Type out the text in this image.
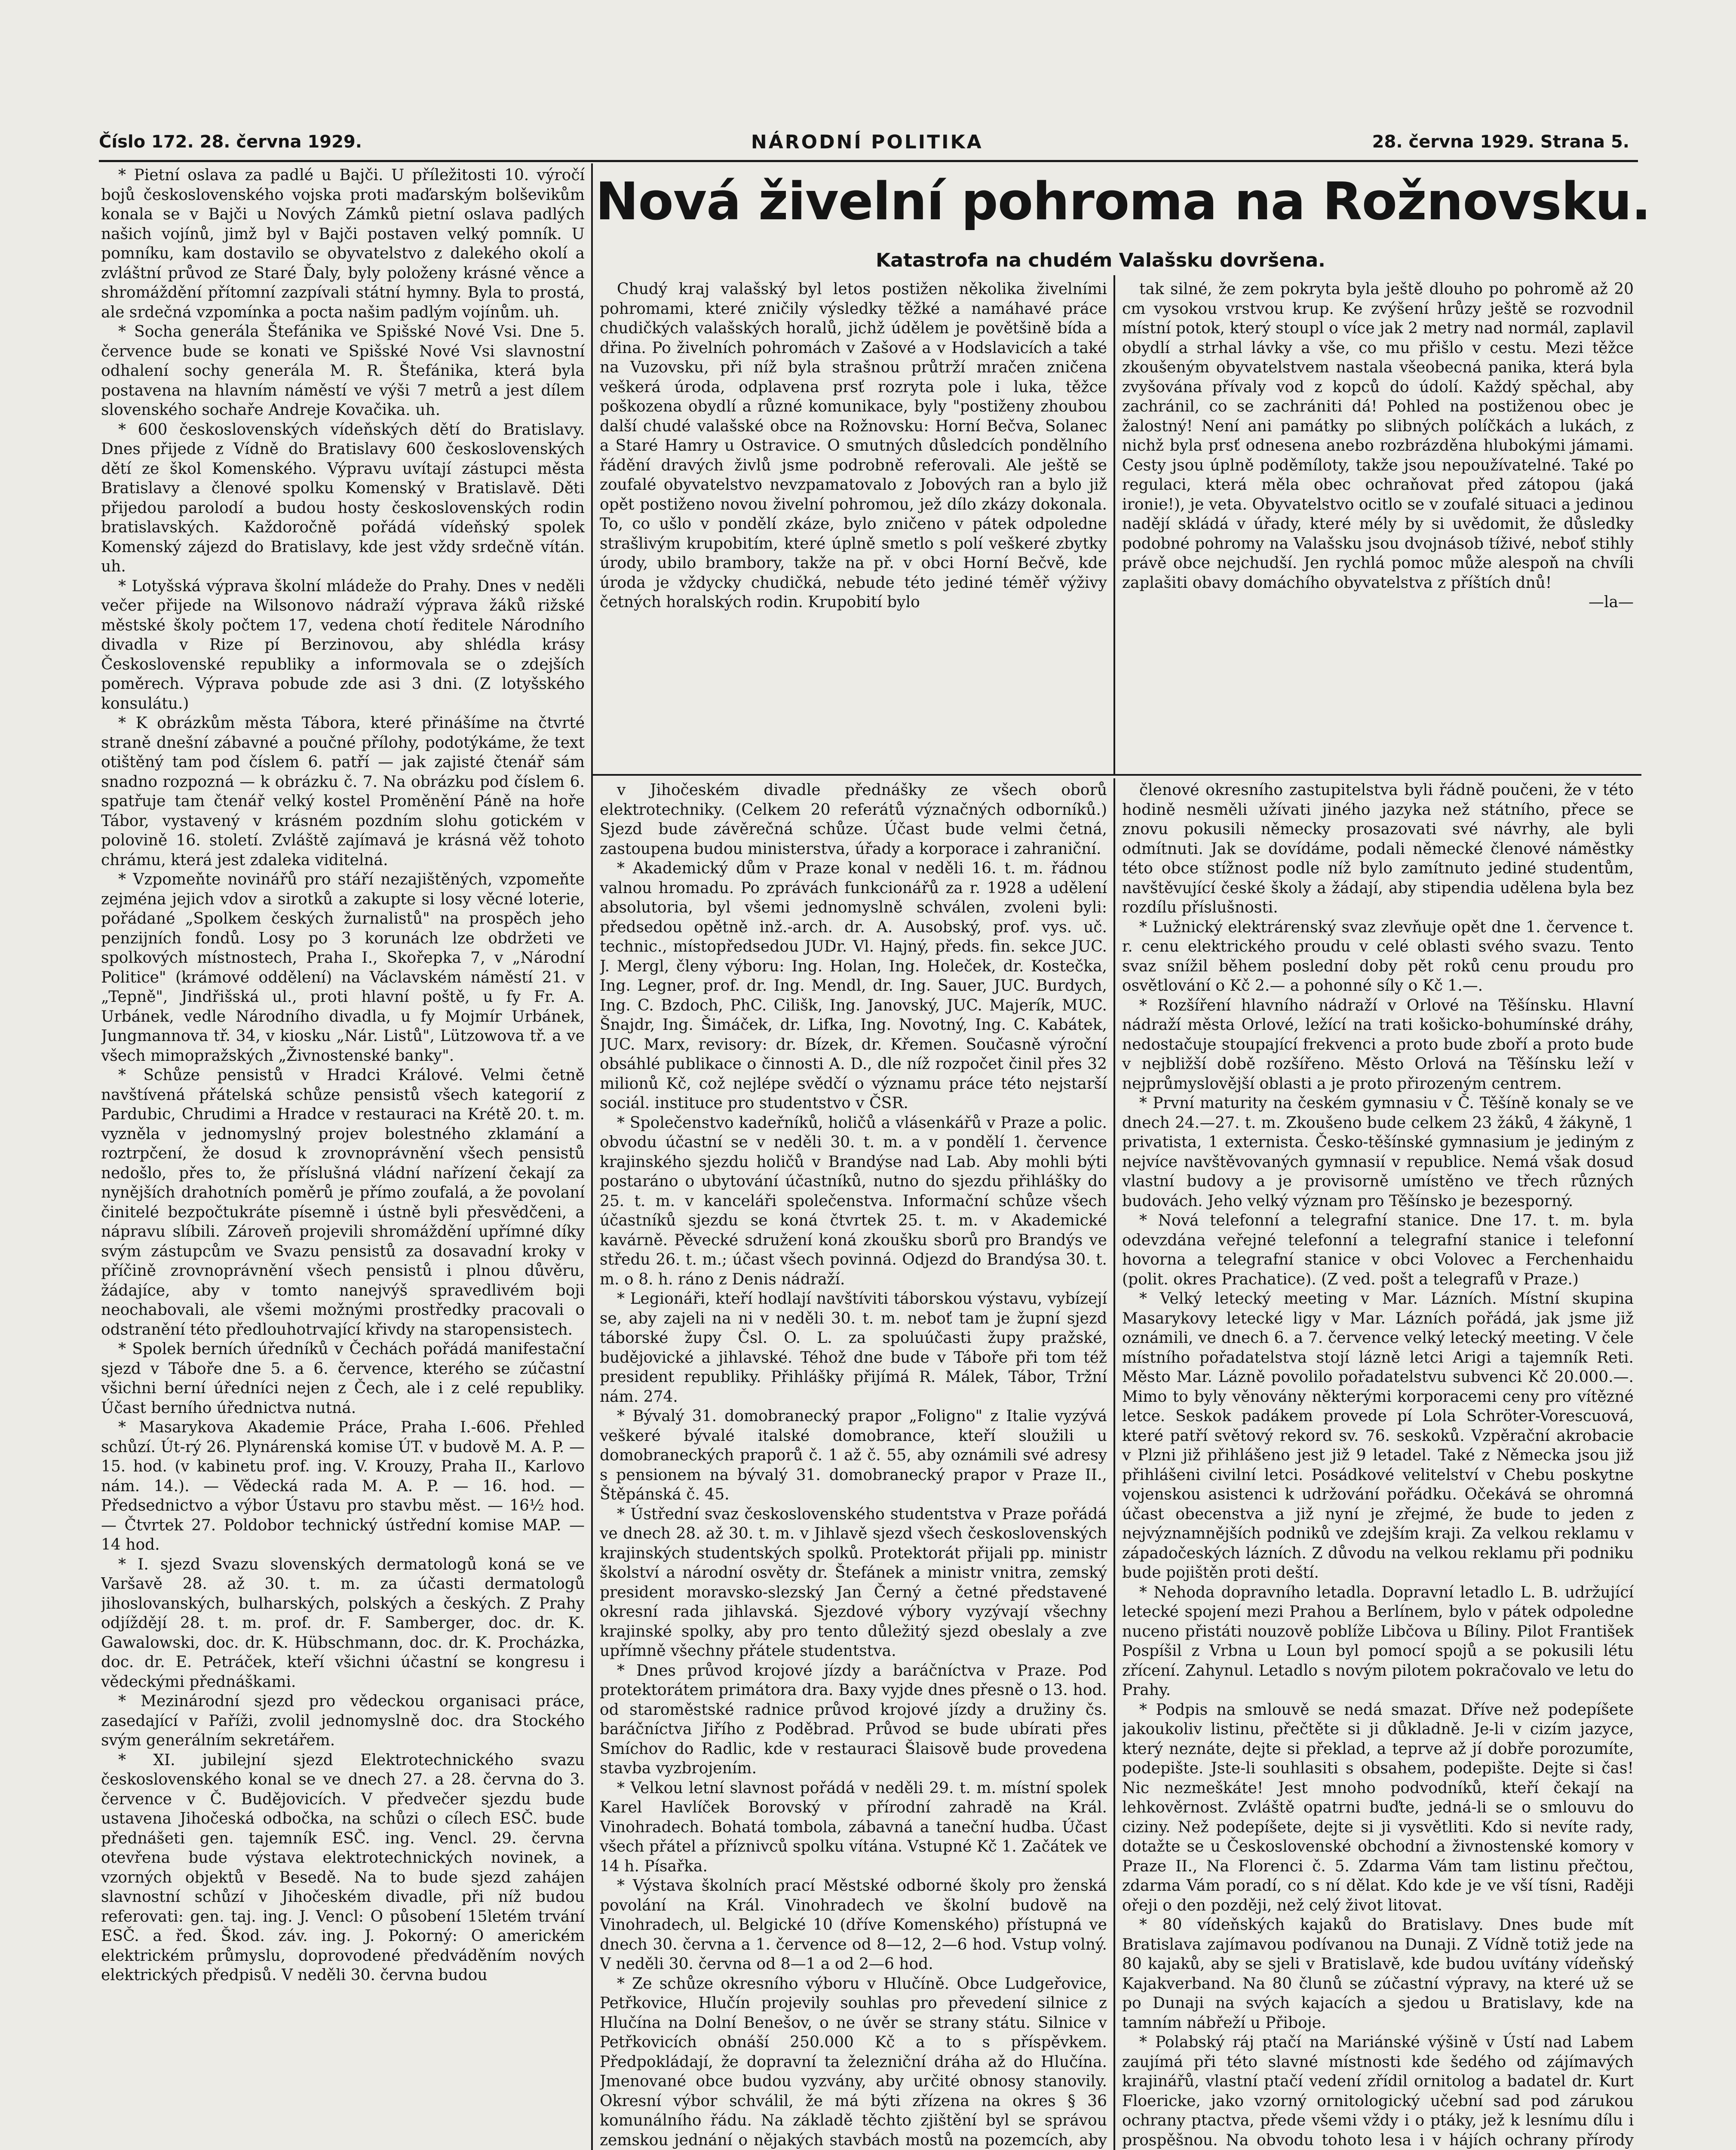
Číslo 172. 28. června 1929.	NÁRODNÍ POLITIKA	28. června 1929. Strana 5.
Nová živelní pohroma na Rožnovsku.
Katastrofa na chudém Valašsku dovršena.

Chudý kraj valašský byl letos postižen několika živelními pohromami, které zničily výsledky těžké a namáhavé práce chudičkých valašských horalů, jichž údělem je povětšině bída a dřina. Po živelních pohromách v Zašové a v Hodslavicích a také na Vuzovsku, při níž byla strašnou průtrží mračen zničena veškerá úroda, odplavena prsť rozryta pole i luka, těžce poškozena obydlí a různé komunikace, byly "postiženy zhoubou další chudé valašské obce na Rožnovsku: Horní Bečva, Solanec a Staré Hamry u Ostravice. O smutných důsledcích pondělního řádění dravých živlů jsme podrobně referovali. Ale ještě se zoufalé obyvatelstvo nevzpamatovalo z Jobových ran a bylo již opět postiženo novou živelní pohromou, jež dílo zkázy dokonala. To, co ušlo v pondělí zkáze, bylo zničeno v pátek odpoledne strašlivým krupobitím, které úplně smetlo s polí veškeré zbytky úrody, ubilo brambory, takže na př. v obci Horní Bečvě, kde úroda je vždycky chudičká, nebude této jediné téměř výživy četných horalských rodin. Krupobití bylo

tak silné, že zem pokryta byla ještě dlouho po pohromě až 20 cm vysokou vrstvou krup. Ke zvýšení hrůzy ještě se rozvodnil místní potok, který stoupl o více jak 2 metry nad normál, zaplavil obydlí a strhal lávky a vše, co mu přišlo v cestu. Mezi těžce zkoušeným obyvatelstvem nastala všeobecná panika, která byla zvyšována přívaly vod z kopců do údolí. Každý spěchal, aby zachránil, co se zachrániti dá! Pohled na postiženou obec je žalostný! Není ani památky po slibných políčkách a lukách, z nichž byla prsť odnesena anebo rozbrázděna hlubokými jámami. Cesty jsou úplně poděmíloty, takže jsou nepoužívatelné. Také po regulaci, která měla obec ochraňovat před zátopou (jaká ironie!), je veta. Obyvatelstvo ocitlo se v zoufalé situaci a jedinou nadějí skládá v úřady, které mély by si uvědomit, že důsledky podobné pohromy na Valašsku jsou dvojnásob tíživé, neboť stihly právě obce nejchudší. Jen rychlá pomoc může alespoň na chvíli zaplašiti obavy domáchího obyvatelstva z příštích dnů!

—la—

* Pietní oslava za padlé u Bajči. U příležitosti 10. výročí bojů československého vojska proti maďarským bolševikům konala se v Bajči u Nových Zámků pietní oslava padlých našich vojínů, jimž byl v Bajči postaven velký pomník. U pomníku, kam dostavilo se obyvatelstvo z dalekého okolí a zvláštní průvod ze Staré Ďaly, byly položeny krásné věnce a shromáždění přítomní zazpívali státní hymny. Byla to prostá, ale srdečná vzpomínka a pocta našim padlým vojínům. uh.

* Socha generála Štefánika ve Spišské Nové Vsi. Dne 5. července bude se konati ve Spišské Nové Vsi slavnostní odhalení sochy generála M. R. Štefánika, která byla postavena na hlavním náměstí ve výši 7 metrů a jest dílem slovenského sochaře Andreje Kovačika. uh.

* 600 československých vídeňských dětí do Bratislavy. Dnes přijede z Vídně do Bratislavy 600 československých dětí ze škol Komenského. Výpravu uvítají zástupci města Bratislavy a členové spolku Komenský v Bratislavě. Děti přijedou parolodí a budou hosty československých rodin bratislavských. Každoročně pořádá vídeňský spolek Komenský zájezd do Bratislavy, kde jest vždy srdečně vítán. uh.

* Lotyšská výprava školní mládeže do Prahy. Dnes v neděli večer přijede na Wilsonovo nádraží výprava žáků rižské městské školy počtem 17, vedena chotí ředitele Národního divadla v Rize pí Berzinovou, aby shlédla krásy Československé republiky a informovala se o zdejších poměrech. Výprava pobude zde asi 3 dni. (Z lotyšského konsulátu.)

* K obrázkům města Tábora, které přinášíme na čtvrté straně dnešní zábavné a poučné přílohy, podotýkáme, že text otištěný tam pod číslem 6. patří — jak zajisté čtenář sám snadno rozpozná — k obrázku č. 7. Na obrázku pod číslem 6. spatřuje tam čtenář velký kostel Proměnění Páně na hoře Tábor, vystavený v krásném pozdním slohu gotickém v polovině 16. století. Zvláště zajímavá je krásná věž tohoto chrámu, která jest zdaleka viditelná.

* Vzpomeňte novinářů pro stáří nezajištěných, vzpomeňte zejména jejich vdov a sirotků a zakupte si losy věcné loterie, pořádané „Spolkem českých žurnalistů" na prospěch jeho penzijních fondů. Losy po 3 korunách lze obdržeti ve spolkových místnostech, Praha I., Skořepka 7, v „Národní Politice" (krámové oddělení) na Václavském náměstí 21. v „Tepně", Jindřišská ul., proti hlavní poště, u fy Fr. A. Urbánek, vedle Národního divadla, u fy Mojmír Urbánek, Jungmannova tř. 34, v kiosku „Nár. Listů", Lützowova tř. a ve všech mimopražských „Živnostenské banky".

* Schůze pensistů v Hradci Králové. Velmi četně navštívená přátelská schůze pensistů všech kategorií z Pardubic, Chrudimi a Hradce v restauraci na Krétě 20. t. m. vyzněla v jednomyslný projev bolestného zklamání a roztrpčení, že dosud k zrovnoprávnění všech pensistů nedošlo, přes to, že příslušná vládní nařízení čekají za nynějších drahotních poměrů je přímo zoufalá, a že povolaní činitelé bezpočtukráte písemně i ústně byli přesvědčeni, a nápravu slíbili. Zároveň projevili shromáždění upřímné díky svým zástupcům ve Svazu pensistů za dosavadní kroky v příčině zrovnoprávnění všech pensistů i plnou důvěru, žádajíce, aby v tomto nanejvýš spravedlivém boji neochabovali, ale všemi možnými prostředky pracovali o odstranění této předlouhotrvající křivdy na staropensistech.

* Spolek berních úředníků v Čechách pořádá manifestační sjezd v Táboře dne 5. a 6. července, kterého se zúčastní všichni berní úředníci nejen z Čech, ale i z celé republiky. Účast berního úřednictva nutná.

* Masarykova Akademie Práce, Praha I.-606. Přehled schůzí. Út-rý 26. Plynárenská komise ÚT. v budově M. A. P. — 15. hod. (v kabinetu prof. ing. V. Krouzy, Praha II., Karlovo nám. 14.). — Vědecká rada M. A. P. — 16. hod. — Předsednictvo a výbor Ústavu pro stavbu měst. — 16½ hod. — Čtvrtek 27. Poldobor technický ústřední komise MAP. — 14 hod.

* I. sjezd Svazu slovenských dermatologů koná se ve Varšavě 28. až 30. t. m. za účasti dermatologů jihoslovanských, bulharských, polských a českých. Z Prahy odjíždějí 28. t. m. prof. dr. F. Samberger, doc. dr. K. Gawalowski, doc. dr. K. Hübschmann, doc. dr. K. Procházka, doc. dr. E. Petráček, kteří všichni účastní se kongresu i vědeckými přednáškami.

* Mezinárodní sjezd pro vědeckou organisaci práce, zasedající v Paříži, zvolil jednomyslně doc. dra Stockého svým generálním sekretářem.

* XI. jubilejní sjezd Elektrotechnického svazu československého konal se ve dnech 27. a 28. června do 3. července v Č. Budějovicích. V předvečer sjezdu bude ustavena Jihočeská odbočka, na schůzi o cílech ESČ. bude přednášeti gen. tajemník ESČ. ing. Vencl. 29. června otevřena bude výstava elektrotechnických novinek, a vzorných objektů v Besedě. Na to bude sjezd zahájen slavnostní schůzí v Jihočeském divadle, při níž budou referovati: gen. taj. ing. J. Vencl: O působení 15letém trvání ESČ. a řed. Škod. záv. ing. J. Pokorný: O americkém elektrickém průmyslu, doprovodené předváděním nových elektrických předpisů. V neděli 30. června budou

v Jihočeském divadle přednášky ze všech oborů elektrotechniky. (Celkem 20 referátů význačných odborníků.) Sjezd bude závěrečná schůze. Účast bude velmi četná, zastoupena budou ministerstva, úřady a korporace i zahraniční.

* Akademický dům v Praze konal v neděli 16. t. m. řádnou valnou hromadu. Po zprávách funkcionářů za r. 1928 a udělení absolutoria, byl všemi jednomyslně schválen, zvoleni byli: předsedou opětně inž.-arch. dr. A. Ausobský, prof. vys. uč. technic., místopředsedou JUDr. Vl. Hajný, předs. fin. sekce JUC. J. Mergl, členy výboru: Ing. Holan, Ing. Holeček, dr. Kostečka, Ing. Legner, prof. dr. Ing. Mendl, dr. Ing. Sauer, JUC. Burdych, Ing. C. Bzdoch, PhC. Cilišk, Ing. Janovský, JUC. Majerík, MUC. Šnajdr, Ing. Šimáček, dr. Lifka, Ing. Novotný, Ing. C. Kabátek, JUC. Marx, revisory: dr. Bízek, dr. Křemen. Současně výroční obsáhlé publikace o činnosti A. D., dle níž rozpočet činil přes 32 milionů Kč, což nejlépe svědčí o významu práce této nejstarší sociál. instituce pro studentstvo v ČSR.

* Společenstvo kadeřníků, holičů a vlásenkářů v Praze a polic. obvodu účastní se v neděli 30. t. m. a v pondělí 1. července krajinského sjezdu holičů v Brandýse nad Lab. Aby mohli býti postaráno o ubytování účastníků, nutno do sjezdu přihlášky do 25. t. m. v kanceláři společenstva. Informační schůze všech účastníků sjezdu se koná čtvrtek 25. t. m. v Akademické kavárně. Pěvecké sdružení koná zkoušku sborů pro Brandýs ve středu 26. t. m.; účast všech povinná. Odjezd do Brandýsa 30. t. m. o 8. h. ráno z Denis nádraží.

* Legionáři, kteří hodlají navštíviti táborskou výstavu, vybízejí se, aby zajeli na ni v neděli 30. t. m. neboť tam je župní sjezd táborské župy Čsl. O. L. za spoluúčasti župy pražské, budějovické a jihlavské. Téhož dne bude v Táboře při tom též president republiky. Přihlášky přijímá R. Málek, Tábor, Tržní nám. 274.

* Bývalý 31. domobranecký prapor „Foligno" z Italie vyzývá veškeré bývalé italské domobrance, kteří sloužili u domobraneckých praporů č. 1 až č. 55, aby oznámili své adresy s pensionem na bývalý 31. domobranecký prapor v Praze II., Štěpánská č. 45.

* Ústřední svaz československého studentstva v Praze pořádá ve dnech 28. až 30. t. m. v Jihlavě sjezd všech československých krajinských studentských spolků. Protektorát přijali pp. ministr školství a národní osvěty dr. Štefánek a ministr vnitra, zemský president moravsko-slezský Jan Černý a četné představené okresní rada jihlavská. Sjezdové výbory vyzývají všechny krajinské spolky, aby pro tento důležitý sjezd obeslaly a zve upřímně všechny přátele studentstva.

* Dnes průvod krojové jízdy a baráčníctva v Praze. Pod protektorátem primátora dra. Baxy vyjde dnes přesně o 13. hod. od staroměstské radnice průvod krojové jízdy a družiny čs. baráčníctva Jiřího z Poděbrad. Průvod se bude ubírati přes Smíchov do Radlic, kde v restauraci Šlaisově bude provedena stavba vyzbrojením.

* Velkou letní slavnost pořádá v neděli 29. t. m. místní spolek Karel Havlíček Borovský v přírodní zahradě na Král. Vinohradech. Bohatá tombola, zábavná a taneční hudba. Účast všech přátel a příznivců spolku vítána. Vstupné Kč 1. Začátek ve 14 h. Písařka.

* Výstava školních prací Městské odborné školy pro ženská povolání na Král. Vinohradech ve školní budově na Vinohradech, ul. Belgické 10 (dříve Komenského) přístupná ve dnech 30. června a 1. července od 8—12, 2—6 hod. Vstup volný. V neděli 30. června od 8—1 a od 2—6 hod.

* Ze schůze okresního výboru v Hlučíně. Obce Ludgeřovice, Petřkovice, Hlučín projevily souhlas pro převedení silnice z Hlučína na Dolní Benešov, o ne úvěr se strany státu. Silnice v Petřkovicích obnáší 250.000 Kč a to s příspěvkem. Předpokládají, že dopravní ta železniční dráha až do Hlučína. Jmenované obce budou vyzvány, aby určité obnosy stanovily. Okresní výbor schválil, že má býti zřízena na okres § 36 komunálního řádu. Na základě těchto zjištění byl se správou zemskou jednání o nějakých stavbách mostů na pozemcích, aby

členové okresního zastupitelstva byli řádně poučeni, že v této hodině nesměli užívati jiného jazyka než státního, přece se znovu pokusili německy prosazovati své návrhy, ale byli odmítnuti. Jak se dovídáme, podali německé členové náměstky této obce stížnost podle níž bylo zamítnuto jediné studentům, navštěvující české školy a žádají, aby stipendia udělena byla bez rozdílu příslušnosti.

* Lužnický elektrárenský svaz zlevňuje opět dne 1. července t. r. cenu elektrického proudu v celé oblasti svého svazu. Tento svaz snížil během poslední doby pět roků cenu proudu pro osvětlování o Kč 2.— a pohonné síly o Kč 1.—.

* Rozšíření hlavního nádraží v Orlové na Těšínsku. Hlavní nádraží města Orlové, ležící na trati košicko-bohumínské dráhy, nedostačuje stoupající frekvenci a proto bude zboří a proto bude v nejbližší době rozšířeno. Město Orlová na Těšínsku leží v nejprůmyslovější oblasti a je proto přirozeným centrem.

* První maturity na českém gymnasiu v Č. Těšíně konaly se ve dnech 24.—27. t. m. Zkoušeno bude celkem 23 žáků, 4 žákyně, 1 privatista, 1 externista. Česko-těšínské gymnasium je jediným z nejvíce navštěvovaných gymnasií v republice. Nemá však dosud vlastní budovy a je provisorně umístěno ve třech různých budovách. Jeho velký význam pro Těšínsko je bezesporný.

* Nová telefonní a telegrafní stanice. Dne 17. t. m. byla odevzdána veřejné telefonní a telegrafní stanice i telefonní hovorna a telegrafní stanice v obci Volovec a Ferchenhaidu (polit. okres Prachatice). (Z ved. pošt a telegrafů v Praze.)

* Velký letecký meeting v Mar. Lázních. Místní skupina Masarykovy letecké ligy v Mar. Lázních pořádá, jak jsme již oznámili, ve dnech 6. a 7. července velký letecký meeting. V čele místního pořadatelstva stojí lázně letci Arigi a tajemník Reti. Město Mar. Lázně povolilo pořadatelstvu subvenci Kč 20.000.—. Mimo to byly věnovány některými korporacemi ceny pro vítězné letce. Seskok padákem provede pí Lola Schröter-Vorescuová, které patří světový rekord sv. 76. seskoků. Vzpěrační akrobacie v Plzni již přihlášeno jest již 9 letadel. Také z Německa jsou již přihlášeni civilní letci. Posádkové velitelství v Chebu poskytne vojenskou asistenci k udržování pořádku. Očekává se ohromná účast obecenstva a již nyní je zřejmé, že bude to jeden z nejvýznamnějších podniků ve zdejším kraji. Za velkou reklamu v západočeských lázních. Z důvodu na velkou reklamu při podniku bude pojištěn proti deští.

* Nehoda dopravního letadla. Dopravní letadlo L. B. udržující letecké spojení mezi Prahou a Berlínem, bylo v pátek odpoledne nuceno přistáti nouzově poblíže Libčova u Bíliny. Pilot František Pospíšil z Vrbna u Loun byl pomocí spojů a se pokusili létu zřícení. Zahynul. Letadlo s novým pilotem pokračovalo ve letu do Prahy.

* Podpis na smlouvě se nedá smazat. Dříve než podepíšete jakoukoliv listinu, přečtěte si ji důkladně. Je-li v cizím jazyce, který neznáte, dejte si překlad, a teprve až jí dobře porozumíte, podepište. Jste-li souhlasiti s obsahem, podepište. Dejte si čas! Nic nezmeškáte! Jest mnoho podvodníků, kteří čekají na lehkověrnost. Zvláště opatrni buďte, jedná-li se o smlouvu do ciziny. Než podepíšete, dejte si ji vysvětliti. Kdo si nevíte rady, dotažte se u Československé obchodní a živnostenské komory v Praze II., Na Florenci č. 5. Zdarma Vám tam listinu přečtou, zdarma Vám poradí, co s ní dělat. Kdo kde je ve vší tísni, Raději ořeji o den později, než celý život litovat.

* 80 vídeňských kajaků do Bratislavy. Dnes bude mít Bratislava zajímavou podívanou na Dunaji. Z Vídně totiž jede na 80 kajaků, aby se sjeli v Bratislavě, kde budou uvítány vídeňský Kajakverband. Na 80 člunů se zúčastní výpravy, na které už se po Dunaji na svých kajacích a sjedou u Bratislavy, kde na tamním nábřeží u Přiboje.

* Polabský ráj ptačí na Mariánské výšině v Ústí nad Labem zaujímá při této slavné místnosti kde šedého od zájímavých krajinářů, vlastní ptačí vedení zřídil ornitolog a badatel dr. Kurt Floericke, jako vzorný ornitologický učební sad pod zárukou ochrany ptactva, přede všemi vždy i o ptáky, jež k lesnímu dílu i prospěšnou. Na obvodu tohoto lesa i v hájích ochrany přírody
